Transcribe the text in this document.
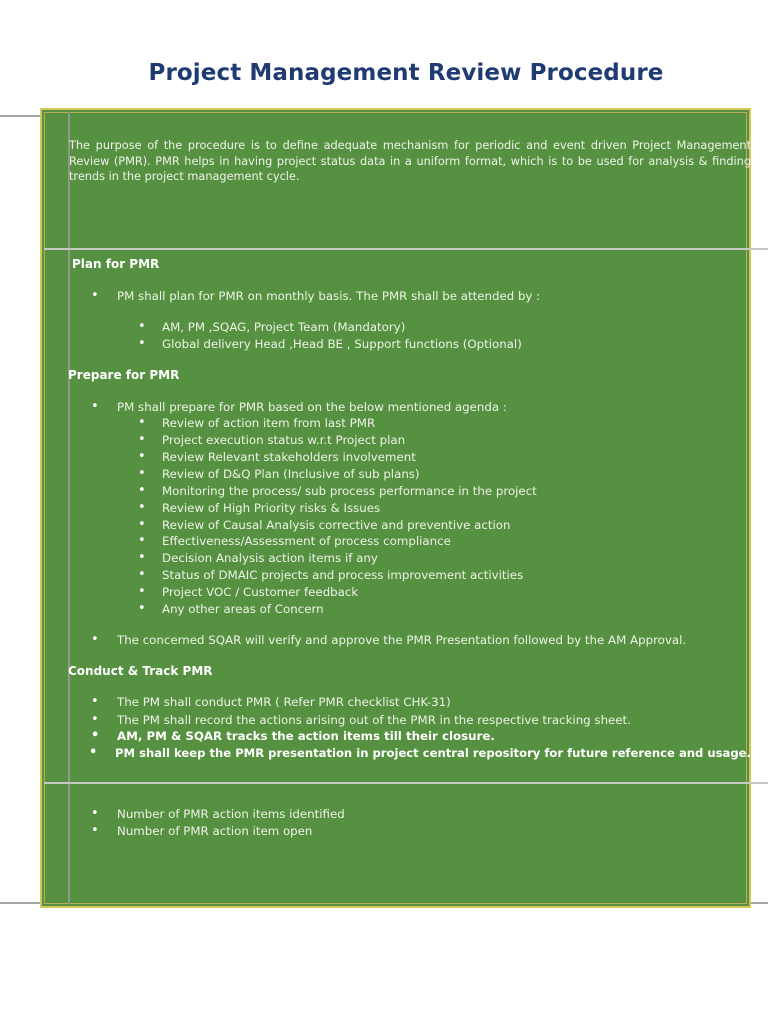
Project Management Review Procedure
The purpose of the procedure is to define adequate mechanism for periodic and event driven Project Management Review (PMR). PMR helps in having project status data in a uniform format, which is to be used for analysis & finding trends in the project management cycle.
Plan for PMR
• PM shall plan for PMR on monthly basis. The PMR shall be attended by :
• AM, PM ,SQAG, Project Team (Mandatory)
• Global delivery Head ,Head BE , Support functions (Optional)
Prepare for PMR
• PM shall prepare for PMR based on the below mentioned agenda :
• Review of action item from last PMR
• Project execution status w.r.t Project plan
• Review Relevant stakeholders involvement
• Review of D&Q Plan (Inclusive of sub plans)
• Monitoring the process/ sub process performance in the project
• Review of High Priority risks & Issues
• Review of Causal Analysis corrective and preventive action
• Effectiveness/Assessment of process compliance
• Decision Analysis action items if any
• Status of DMAIC projects and process improvement activities
• Project VOC / Customer feedback
• Any other areas of Concern
• The concerned SQAR will verify and approve the PMR Presentation followed by the AM Approval.
Conduct & Track PMR
• The PM shall conduct PMR ( Refer PMR checklist CHK-31)
• The PM shall record the actions arising out of the PMR in the respective tracking sheet.
• AM, PM & SQAR tracks the action items till their closure.
• PM shall keep the PMR presentation in project central repository for future reference and usage.
• Number of PMR action items identified
• Number of PMR action item open
